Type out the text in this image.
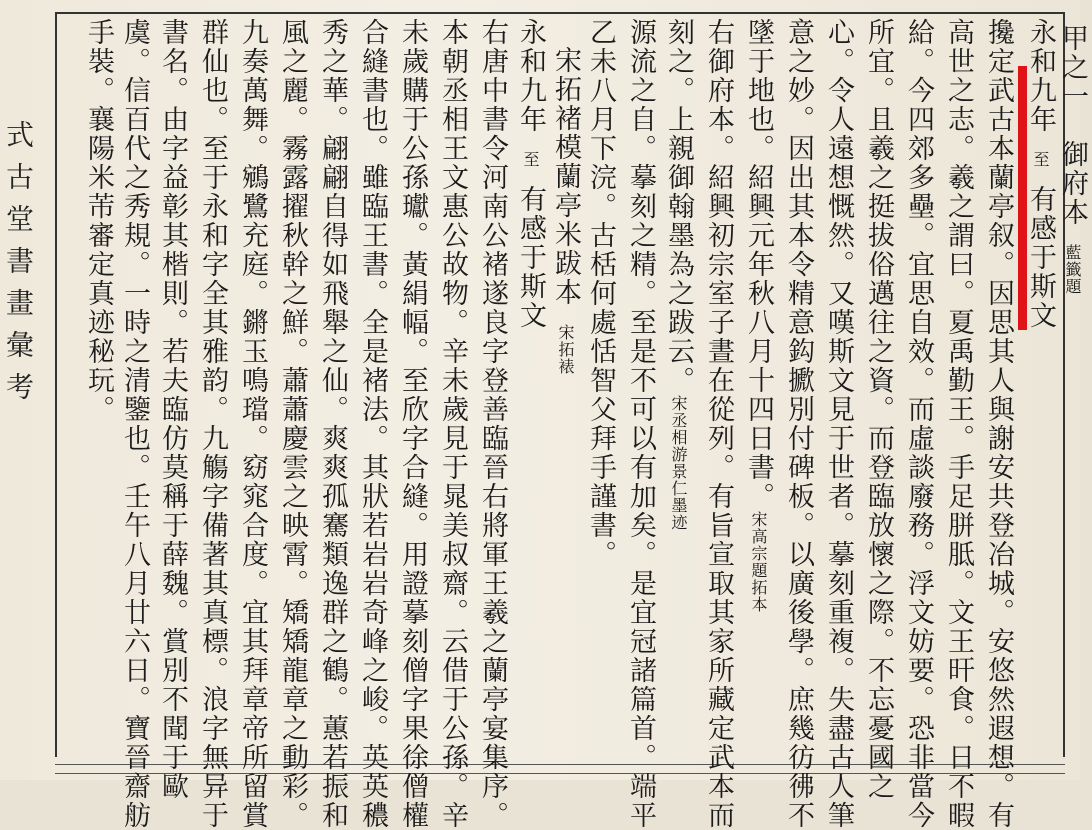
式古堂書畫彙考
甲之一　御府本　藍籤題
永和九年　至　有感于斯文
攙定武古本蘭亭叙。因思其人與謝安共登冶城。安悠然遐想。有
高世之志。羲之謂曰。夏禹勤王。手足胼胝。文王旰食。日不暇
給。今四郊多壘。宜思自效。而虛談廢務。浮文妨要。恐非當今
所宜。且羲之挺拔俗邁往之資。而登臨放懷之際。不忘憂國之
心。令人遠想慨然。又嘆斯文見于世者。摹刻重複。失盡古人筆
意之妙。因出其本令精意鈎擨別付碑板。以廣後學。庶幾彷彿不
墜于地也。紹興元年秋八月十四日書。宋高宗題拓本
右御府本。紹興初宗室子晝在從列。有旨宣取其家所藏定武本而
刻之。上親御翰墨為之跋云。宋丞相游景仁墨迹
源流之自。摹刻之精。至是不可以有加矣。是宜冠諸篇首。端平
乙未八月下浣。古栝何處恬智父拜手謹書。
宋拓褚模蘭亭米跋本　宋拓裱
永和九年　至　有感于斯文
右唐中書令河南公褚遂良字登善臨晉右將軍王羲之蘭亭宴集序。
本朝丞相王文惠公故物。辛未歲見于晁美叔齋。云借于公孫。辛
未歲購于公孫瓛。黃絹幅。至欣字合縫。用證摹刻僧字果徐僧權
合縫書也。雖臨王書。全是褚法。其狀若岩岩奇峰之峻。英英穠
秀之華。翩翩自得如飛舉之仙。爽爽孤騫類逸群之鶴。蕙若振和
風之麗。霧露擢秋幹之鮮。蕭蕭慶雲之映霄。矯矯龍章之動彩。
九奏萬舞。鵷鷺充庭。鏘玉鳴璫。窈窕合度。宜其拜章帝所留賞
群仙也。至于永和字全其雅韵。九觴字備著其真標。浪字無异于
書名。由字益彰其楷則。若夫臨仿莫稱于薛魏。賞別不聞于歐
虞。信百代之秀規。一時之清鑒也。壬午八月廿六日。寶晉齋舫
手裝。襄陽米芾審定真迹秘玩。
